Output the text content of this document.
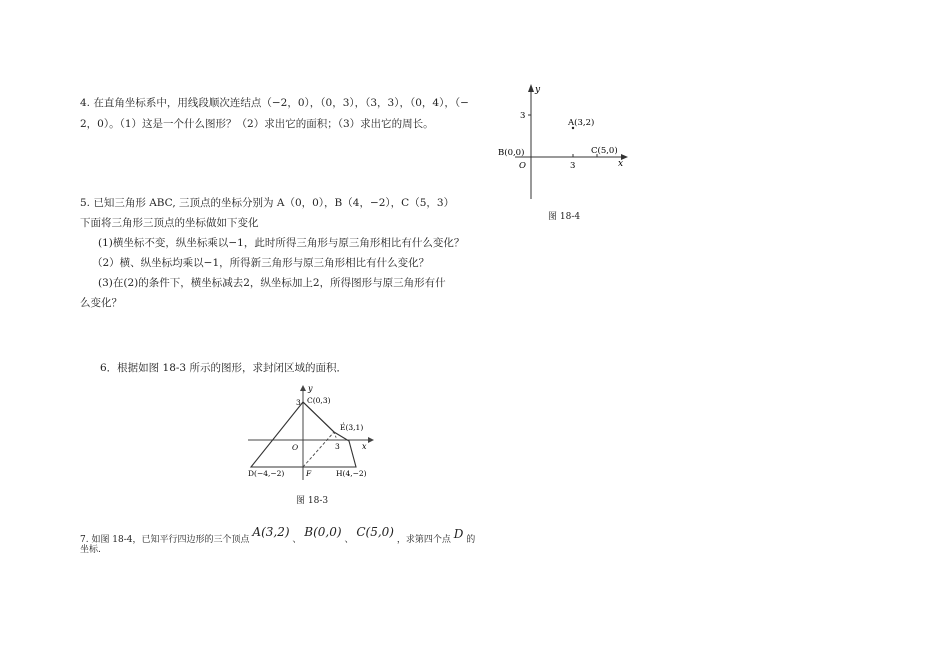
4. 在直角坐标系中，用线段顺次连结点（−2，0），（0，3），（3，3），（0，4），（−
2，0）。（1）这是一个什么图形？（2）求出它的面积；（3）求出它的周长。
5. 已知三角形 ABC, 三顶点的坐标分别为 A（0，0），B（4，−2），C（5，3）
下面将三角形三顶点的坐标做如下变化
(1)横坐标不变，纵坐标乘以−1，此时所得三角形与原三角形相比有什么变化？
（2）横、纵坐标均乘以−1，所得新三角形与原三角形相比有什么变化？
(3)在(2)的条件下，横坐标减去2，纵坐标加上2，所得图形与原三角形有什
么变化？
6．根据如图 18-3 所示的图形，求封闭区域的面积．
y
x
3 C(0,3)
E(3,1)
O	3
D(−4,−2)	F	H(4,−2)
图 18-3
7. 如图 18-4，已知平行四边形的三个顶点 A(3,2) 、 B(0,0) 、 C(5,0) ，求第四个点 D 的
坐标.
y
3
A(3,2)
B(0,0)	C(5,0)
O	3	x
图 18-4
